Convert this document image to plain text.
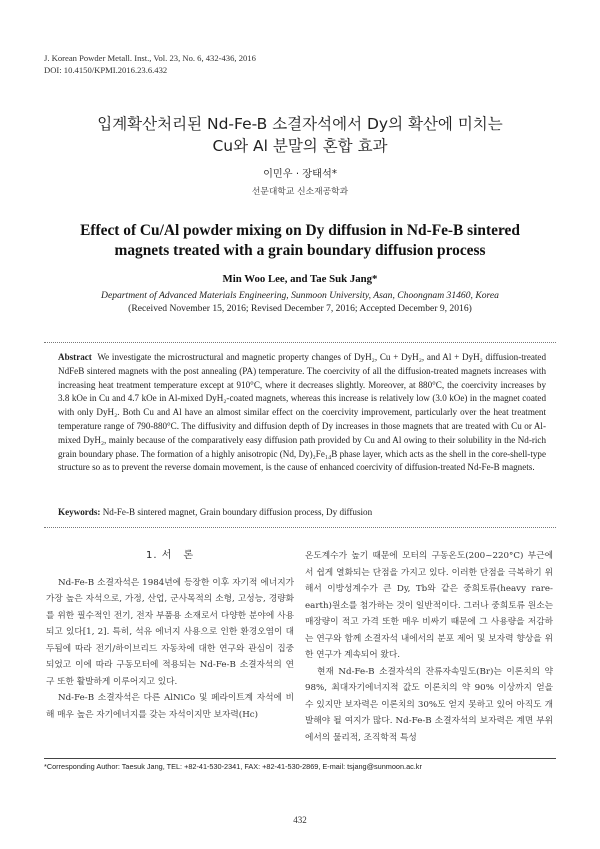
J. Korean Powder Metall. Inst., Vol. 23, No. 6, 432-436, 2016
DOI: 10.4150/KPMI.2016.23.6.432
입계확산처리된 Nd-Fe-B 소결자석에서 Dy의 확산에 미치는
Cu와 Al 분말의 혼합 효과
이민우 · 장태석*
선문대학교 신소재공학과
Effect of Cu/Al powder mixing on Dy diffusion in Nd-Fe-B sintered
magnets treated with a grain boundary diffusion process
Min Woo Lee, and Tae Suk Jang*
Department of Advanced Materials Engineering, Sunmoon University, Asan, Choongnam 31460, Korea
(Received November 15, 2016; Revised December 7, 2016; Accepted December 9, 2016)
Abstract We investigate the microstructural and magnetic property changes of DyH₂, Cu + DyH₂, and Al + DyH₂ diffusion-treated NdFeB sintered magnets with the post annealing (PA) temperature. The coercivity of all the diffusion-treated magnets increases with increasing heat treatment temperature except at 910°C, where it decreases slightly. Moreover, at 880°C, the coercivity increases by 3.8 kOe in Cu and 4.7 kOe in Al-mixed DyH₂-coated magnets, whereas this increase is relatively low (3.0 kOe) in the magnet coated with only DyH₂. Both Cu and Al have an almost similar effect on the coercivity improvement, particularly over the heat treatment temperature range of 790-880°C. The diffusivity and diffusion depth of Dy increases in those magnets that are treated with Cu or Al-mixed DyH₂, mainly because of the comparatively easy diffusion path provided by Cu and Al owing to their solubility in the Nd-rich grain boundary phase. The formation of a highly anisotropic (Nd, Dy)₂Fe₁₄B phase layer, which acts as the shell in the core-shell-type structure so as to prevent the reverse domain movement, is the cause of enhanced coercivity of diffusion-treated Nd-Fe-B magnets.
Keywords: Nd-Fe-B sintered magnet, Grain boundary diffusion process, Dy diffusion
1. 서　론

Nd-Fe-B 소결자석은 1984년에 등장한 이후 자기적 에너지가 가장 높은 자석으로, 가정, 산업, 군사목적의 소형, 고성능, 경량화를 위한 필수적인 전기, 전자 부품용 소재로서 다양한 분야에 사용되고 있다[1, 2]. 특히, 석유 에너지 사용으로 인한 환경오염이 대두됨에 따라 전기/하이브리드 자동차에 대한 연구와 관심이 집중되었고 이에 따라 구동모터에 적용되는 Nd-Fe-B 소결자석의 연구 또한 활발하게 이루어지고 있다.

Nd-Fe-B 소결자석은 다른 AlNiCo 및 페라이트계 자석에 비해 매우 높은 자기에너지를 갖는 자석이지만 보자력(Hc)

온도계수가 높기 때문에 모터의 구동온도(200~220°C) 부근에서 쉽게 열화되는 단점을 가지고 있다. 이러한 단점을 극복하기 위해서 이방성계수가 큰 Dy, Tb와 같은 중희토류(heavy rare-earth)원소를 첨가하는 것이 일반적이다. 그러나 중희토류 원소는 매장량이 적고 가격 또한 매우 비싸기 때문에 그 사용량을 저감하는 연구와 함께 소결자석 내에서의 분포 제어 및 보자력 향상을 위한 연구가 계속되어 왔다.

현재 Nd-Fe-B 소결자석의 잔류자속밀도(Br)는 이론치의 약 98%, 최대자기에너지적 값도 이론치의 약 90% 이상까지 얻을 수 있지만 보자력은 이론치의 30%도 얻지 못하고 있어 아직도 개발해야 될 여지가 많다. Nd-Fe-B 소결자석의 보자력은 계면 부위에서의 물리적, 조직학적 특성

*Corresponding Author: Taesuk Jang, TEL: +82-41-530-2341, FAX: +82-41-530-2869, E-mail: tsjang@sunmoon.ac.kr
432
